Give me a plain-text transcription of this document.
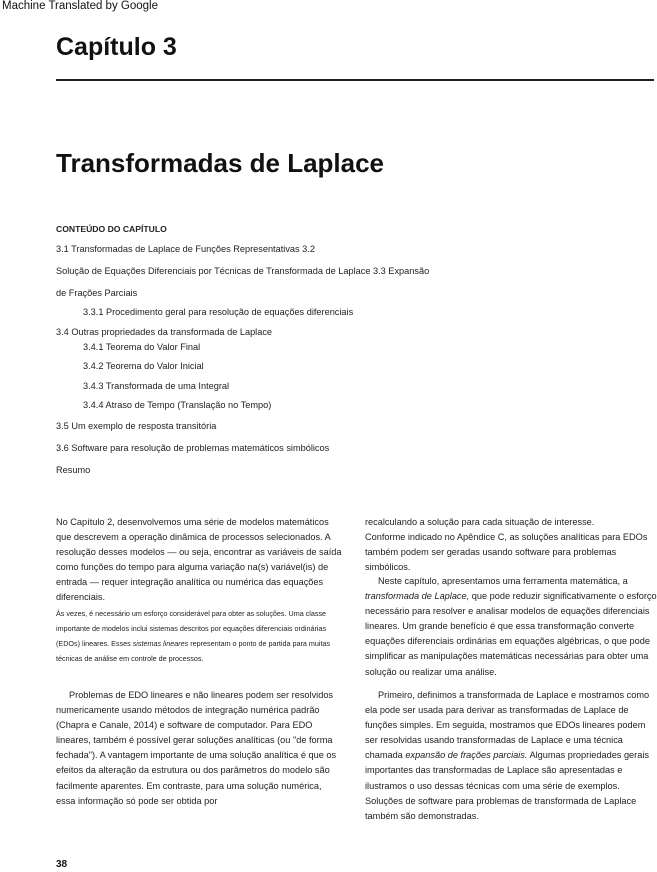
Machine Translated by Google
Capítulo 3
Transformadas de Laplace
CONTEÚDO DO CAPÍTULO
3.1 Transformadas de Laplace de Funções Representativas 3.2
Solução de Equações Diferenciais por Técnicas de Transformada de Laplace 3.3 Expansão
de Frações Parciais
3.3.1 Procedimento geral para resolução de equações diferenciais
3.4 Outras propriedades da transformada de Laplace
3.4.1 Teorema do Valor Final
3.4.2 Teorema do Valor Inicial
3.4.3 Transformada de uma Integral
3.4.4 Atraso de Tempo (Translação no Tempo)
3.5 Um exemplo de resposta transitória
3.6 Software para resolução de problemas matemáticos simbólicos
Resumo

No Capítulo 2, desenvolvemos uma série de modelos matemáticos

que descrevem a operação dinâmica de processos selecionados. A

resolução desses modelos — ou seja, encontrar as variáveis de saída

como funções do tempo para alguma variação na(s) variável(is) de

entrada — requer integração analítica ou numérica das equações

diferenciais.

Às vezes, é necessário um esforço considerável para obter as soluções. Uma classe

importante de modelos inclui sistemas descritos por equações diferenciais ordinárias

(EDOs) lineares. Esses sistemas lineares representam o ponto de partida para muitas

técnicas de análise em controle de processos.

Problemas de EDO lineares e não lineares podem ser resolvidos

numericamente usando métodos de integração numérica padrão

(Chapra e Canale, 2014) e software de computador. Para EDO

lineares, também é possível gerar soluções analíticas (ou "de forma

fechada"). A vantagem importante de uma solução analítica é que os

efeitos da alteração da estrutura ou dos parâmetros do modelo são

facilmente aparentes. Em contraste, para uma solução numérica,

essa informação só pode ser obtida por

recalculando a solução para cada situação de interesse.

Conforme indicado no Apêndice C, as soluções analíticas para EDOs

também podem ser geradas usando software para problemas

simbólicos.

Neste capítulo, apresentamos uma ferramenta matemática, a

transformada de Laplace, que pode reduzir significativamente o esforço

necessário para resolver e analisar modelos de equações diferenciais

lineares. Um grande benefício é que essa transformação converte

equações diferenciais ordinárias em equações algébricas, o que pode

simplificar as manipulações matemáticas necessárias para obter uma

solução ou realizar uma análise.

Primeiro, definimos a transformada de Laplace e mostramos como

ela pode ser usada para derivar as transformadas de Laplace de

funções simples. Em seguida, mostramos que EDOs lineares podem

ser resolvidas usando transformadas de Laplace e uma técnica

chamada expansão de frações parciais. Algumas propriedades gerais

importantes das transformadas de Laplace são apresentadas e

ilustramos o uso dessas técnicas com uma série de exemplos.

Soluções de software para problemas de transformada de Laplace

também são demonstradas.

38
